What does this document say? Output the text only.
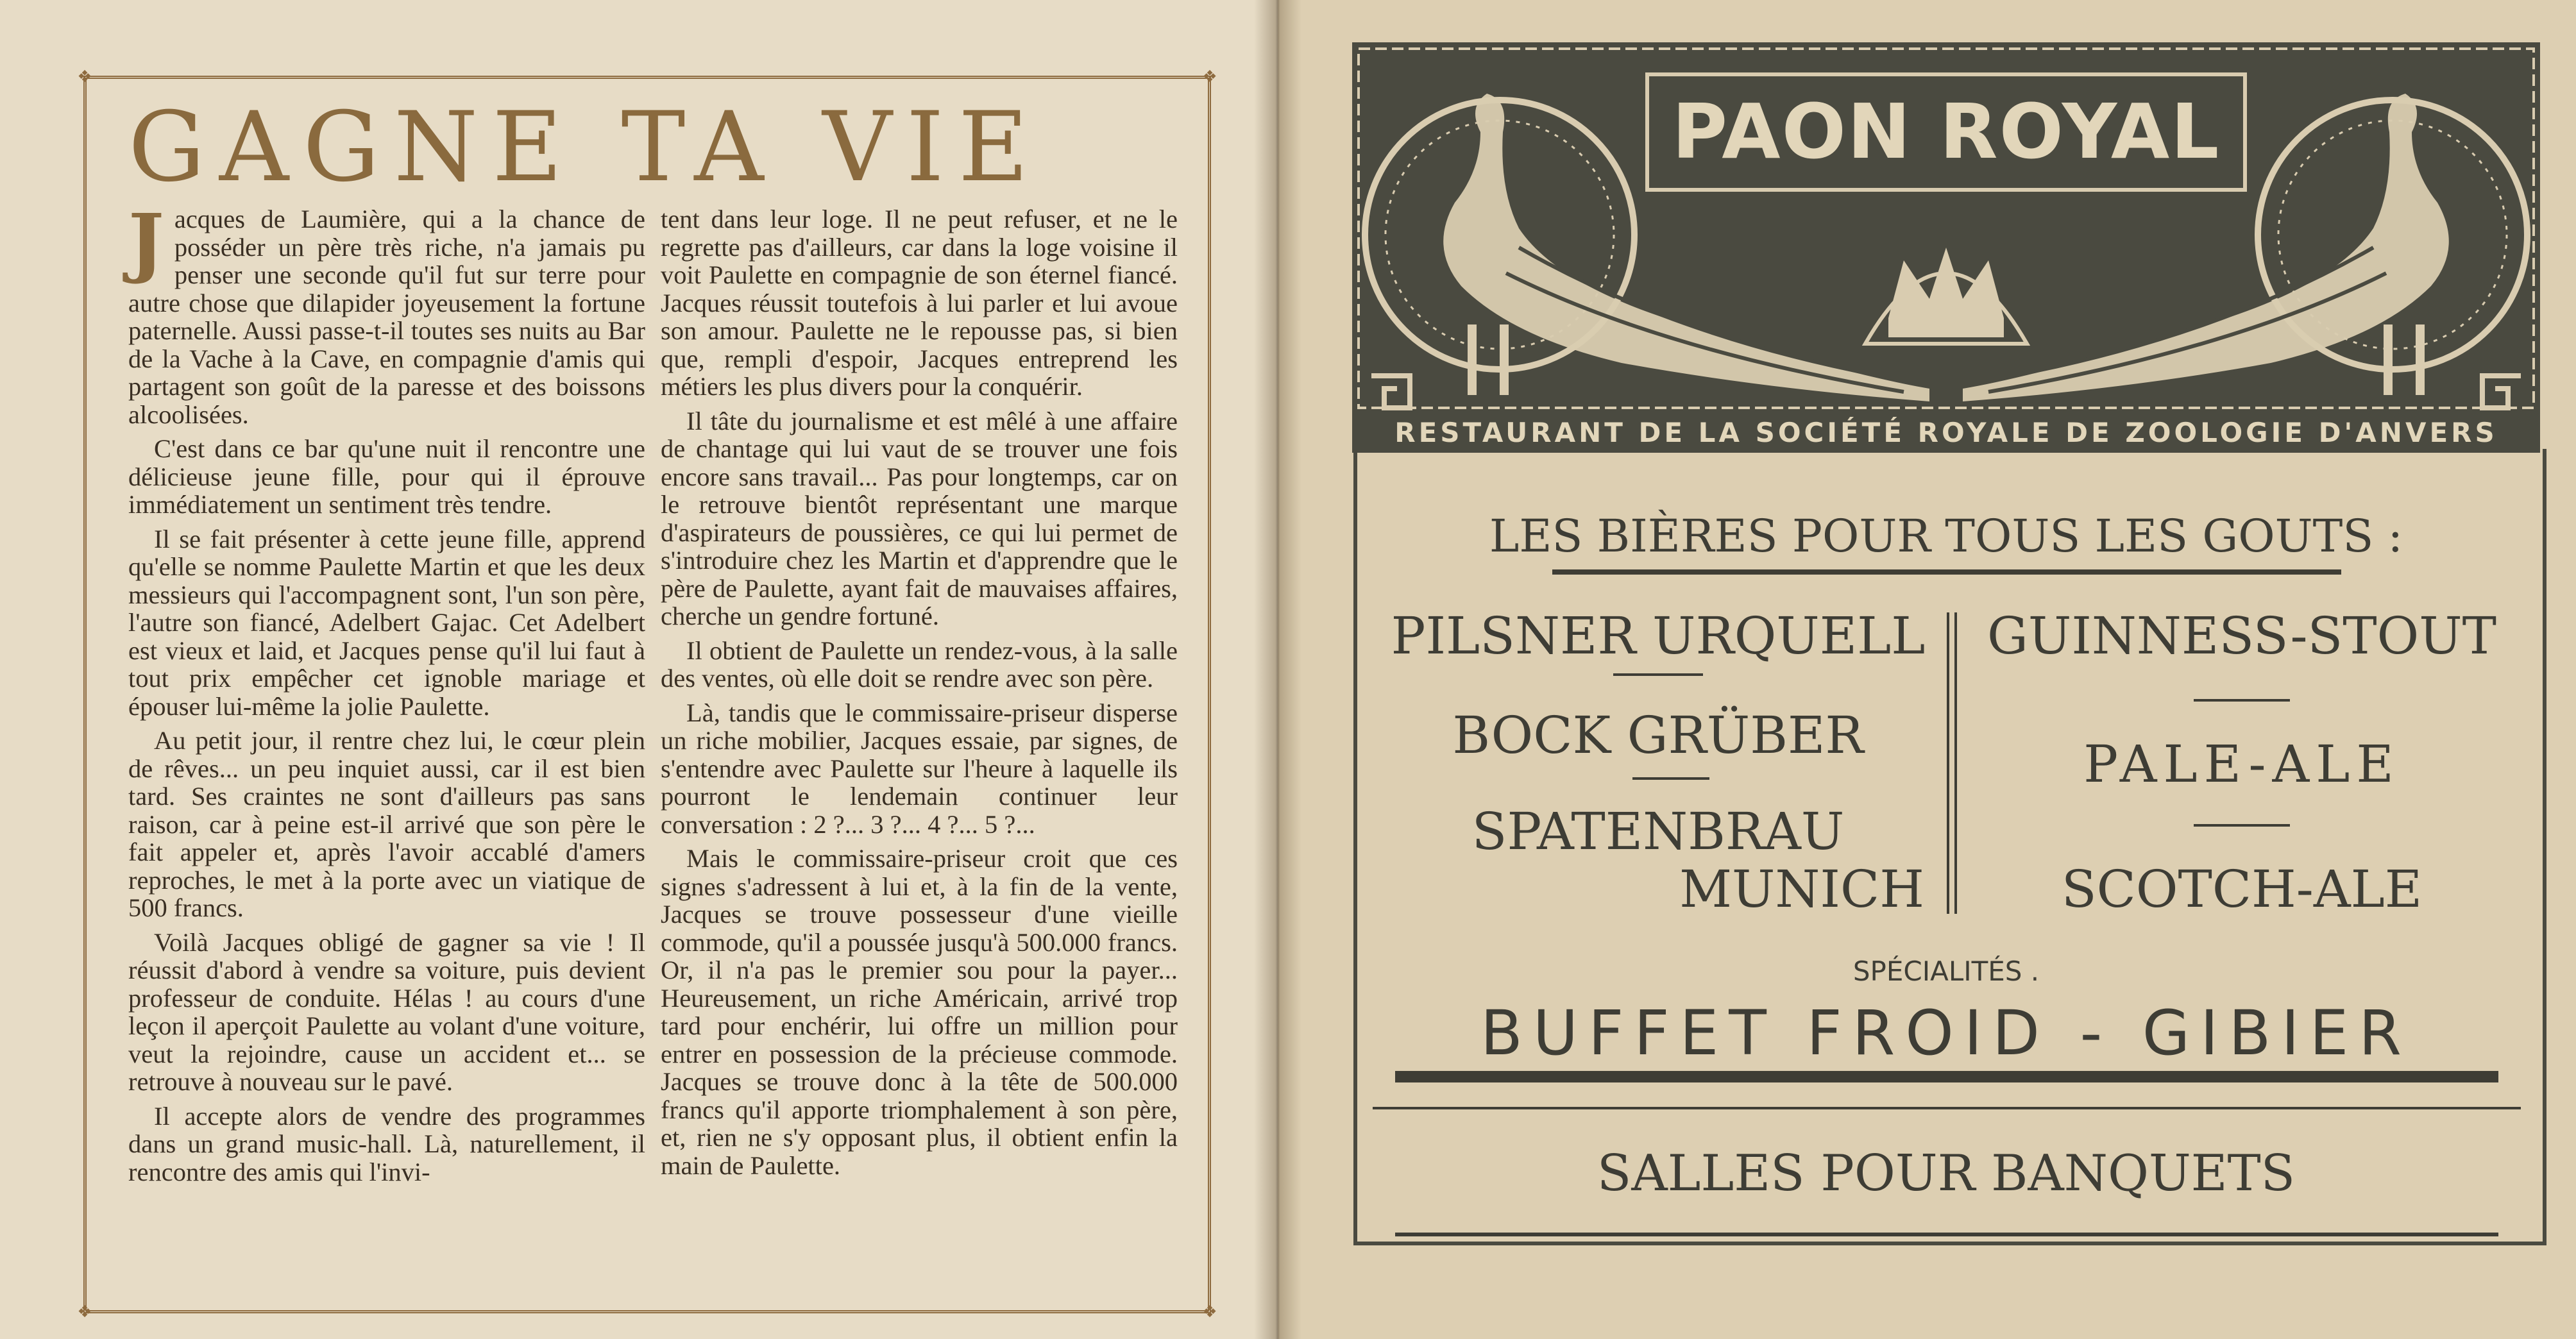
❖	❖
❖	❖
GAGNE TA VIE

Jacques de Laumière, qui a la chance de posséder un père très riche, n'a jamais pu penser une seconde qu'il fut sur terre pour autre chose que dilapider joyeusement la fortune paternelle. Aussi passe-t-il toutes ses nuits au Bar de la Vache à la Cave, en compagnie d'amis qui partagent son goût de la paresse et des boissons alcoolisées.

C'est dans ce bar qu'une nuit il rencontre une délicieuse jeune fille, pour qui il éprouve immédiatement un sentiment très tendre.

Il se fait présenter à cette jeune fille, apprend qu'elle se nomme Paulette Martin et que les deux messieurs qui l'accompagnent sont, l'un son père, l'autre son fiancé, Adelbert Gajac. Cet Adelbert est vieux et laid, et Jacques pense qu'il lui faut à tout prix empêcher cet ignoble mariage et épouser lui-même la jolie Paulette.

Au petit jour, il rentre chez lui, le cœur plein de rêves... un peu inquiet aussi, car il est bien tard. Ses craintes ne sont d'ailleurs pas sans raison, car à peine est-il arrivé que son père le fait appeler et, après l'avoir accablé d'amers reproches, le met à la porte avec un viatique de 500 francs.

Voilà Jacques obligé de gagner sa vie ! Il réussit d'abord à vendre sa voiture, puis devient professeur de conduite. Hélas ! au cours d'une leçon il aperçoit Paulette au volant d'une voiture, veut la rejoindre, cause un accident et... se retrouve à nouveau sur le pavé.

Il accepte alors de vendre des programmes dans un grand music-hall. Là, naturellement, il rencontre des amis qui l'invi-

tent dans leur loge. Il ne peut refuser, et ne le regrette pas d'ailleurs, car dans la loge voisine il voit Paulette en compagnie de son éternel fiancé. Jacques réussit toutefois à lui parler et lui avoue son amour. Paulette ne le repousse pas, si bien que, rempli d'espoir, Jacques entreprend les métiers les plus divers pour la conquérir.

Il tâte du journalisme et est mêlé à une affaire de chantage qui lui vaut de se trouver une fois encore sans travail... Pas pour longtemps, car on le retrouve bientôt représentant une marque d'aspirateurs de poussières, ce qui lui permet de s'introduire chez les Martin et d'apprendre que le père de Paulette, ayant fait de mauvaises affaires, cherche un gendre fortuné.

Il obtient de Paulette un rendez-vous, à la salle des ventes, où elle doit se rendre avec son père.

Là, tandis que le commissaire-priseur disperse un riche mobilier, Jacques essaie, par signes, de s'entendre avec Paulette sur l'heure à laquelle ils pourront le lendemain continuer leur conversation : 2 ?... 3 ?... 4 ?... 5 ?...

Mais le commissaire-priseur croit que ces signes s'adressent à lui et, à la fin de la vente, Jacques se trouve possesseur d'une vieille commode, qu'il a poussée jusqu'à 500.000 francs. Or, il n'a pas le premier sou pour la payer... Heureusement, un riche Américain, arrivé trop tard pour enchérir, lui offre un million pour entrer en possession de la précieuse commode. Jacques se trouve donc à la tête de 500.000 francs qu'il apporte triomphalement à son père, et, rien ne s'y opposant plus, il obtient enfin la main de Paulette.

PAON ROYAL
RESTAURANT DE LA SOCIÉTÉ ROYALE DE ZOOLOGIE D'ANVERS
LES BIÈRES POUR TOUS LES GOUTS :
PILSNER URQUELL
BOCK GRÜBER
SPATENBRAU
MUNICH
GUINNESS-STOUT
PALE-ALE
SCOTCH-ALE
SPÉCIALITÉS .
BUFFET FROID - GIBIER
SALLES POUR BANQUETS
